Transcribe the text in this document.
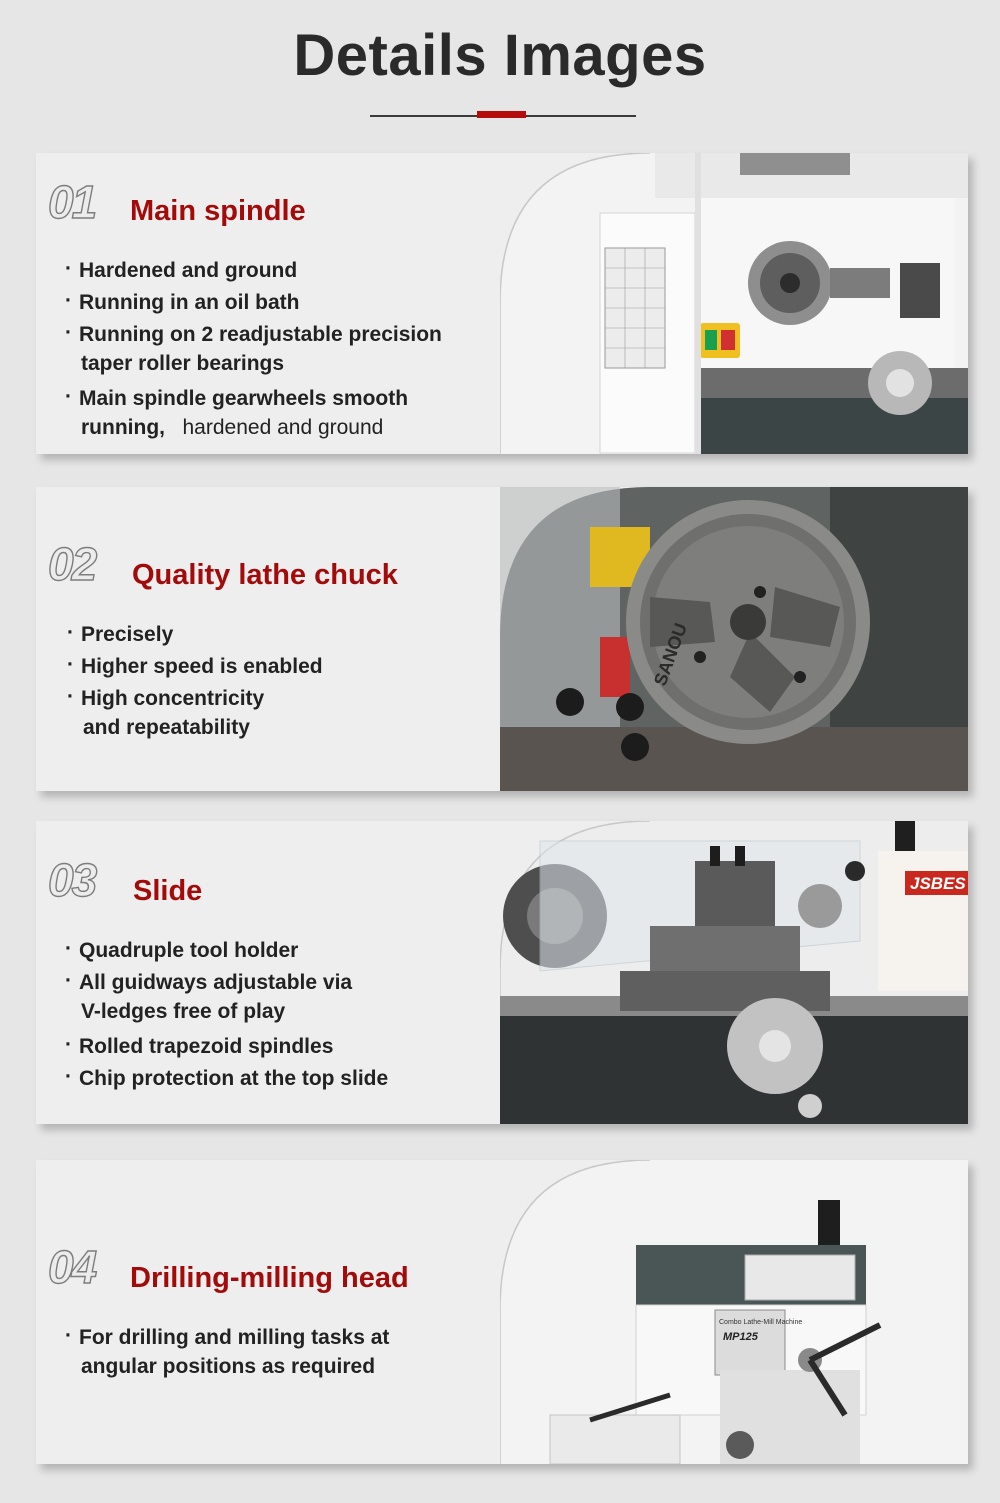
Details Images
01 Main spindle
· Hardened and ground
· Running in an oil bath
· Running on 2 readjustable precision
taper roller bearings
· Main spindle gearwheels smooth
running, hardened and ground
02 Quality lathe chuck
· Precisely
· Higher speed is enabled
· High concentricity
and repeatability
SANOU
03 Slide
· Quadruple tool holder
· All guidways adjustable via
V-ledges free of play
· Rolled trapezoid spindles
· Chip protection at the top slide
JSBES
04 Drilling-milling head
· For drilling and milling tasks at
angular positions as required
Combo Lathe-Mill Machine
MP125
